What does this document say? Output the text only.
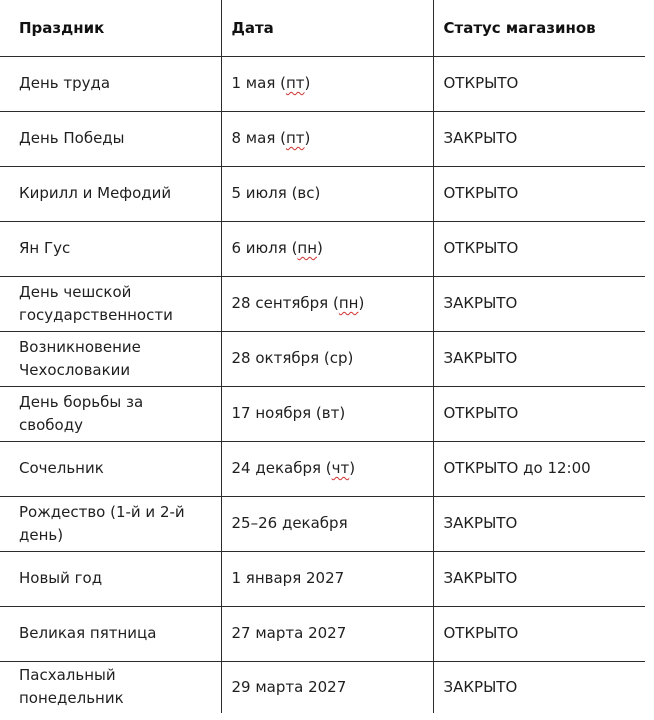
Праздник	Дата	Статус магазинов
День труда	1 мая (пт)	ОТКРЫТО
День Победы	8 мая (пт)	ЗАКРЫТО
Кирилл и Мефодий	5 июля (вс)	ОТКРЫТО
Ян Гус	6 июля (пн)	ОТКРЫТО
День чешской государственности	28 сентября (пн)	ЗАКРЫТО
Возникновение Чехословакии	28 октября (ср)	ЗАКРЫТО
День борьбы за свободу	17 ноября (вт)	ОТКРЫТО
Сочельник	24 декабря (чт)	ОТКРЫТО до 12:00
Рождество (1-й и 2-й день)	25–26 декабря	ЗАКРЫТО
Новый год	1 января 2027	ЗАКРЫТО
Великая пятница	27 марта 2027	ОТКРЫТО
Пасхальный понедельник	29 марта 2027	ЗАКРЫТО
